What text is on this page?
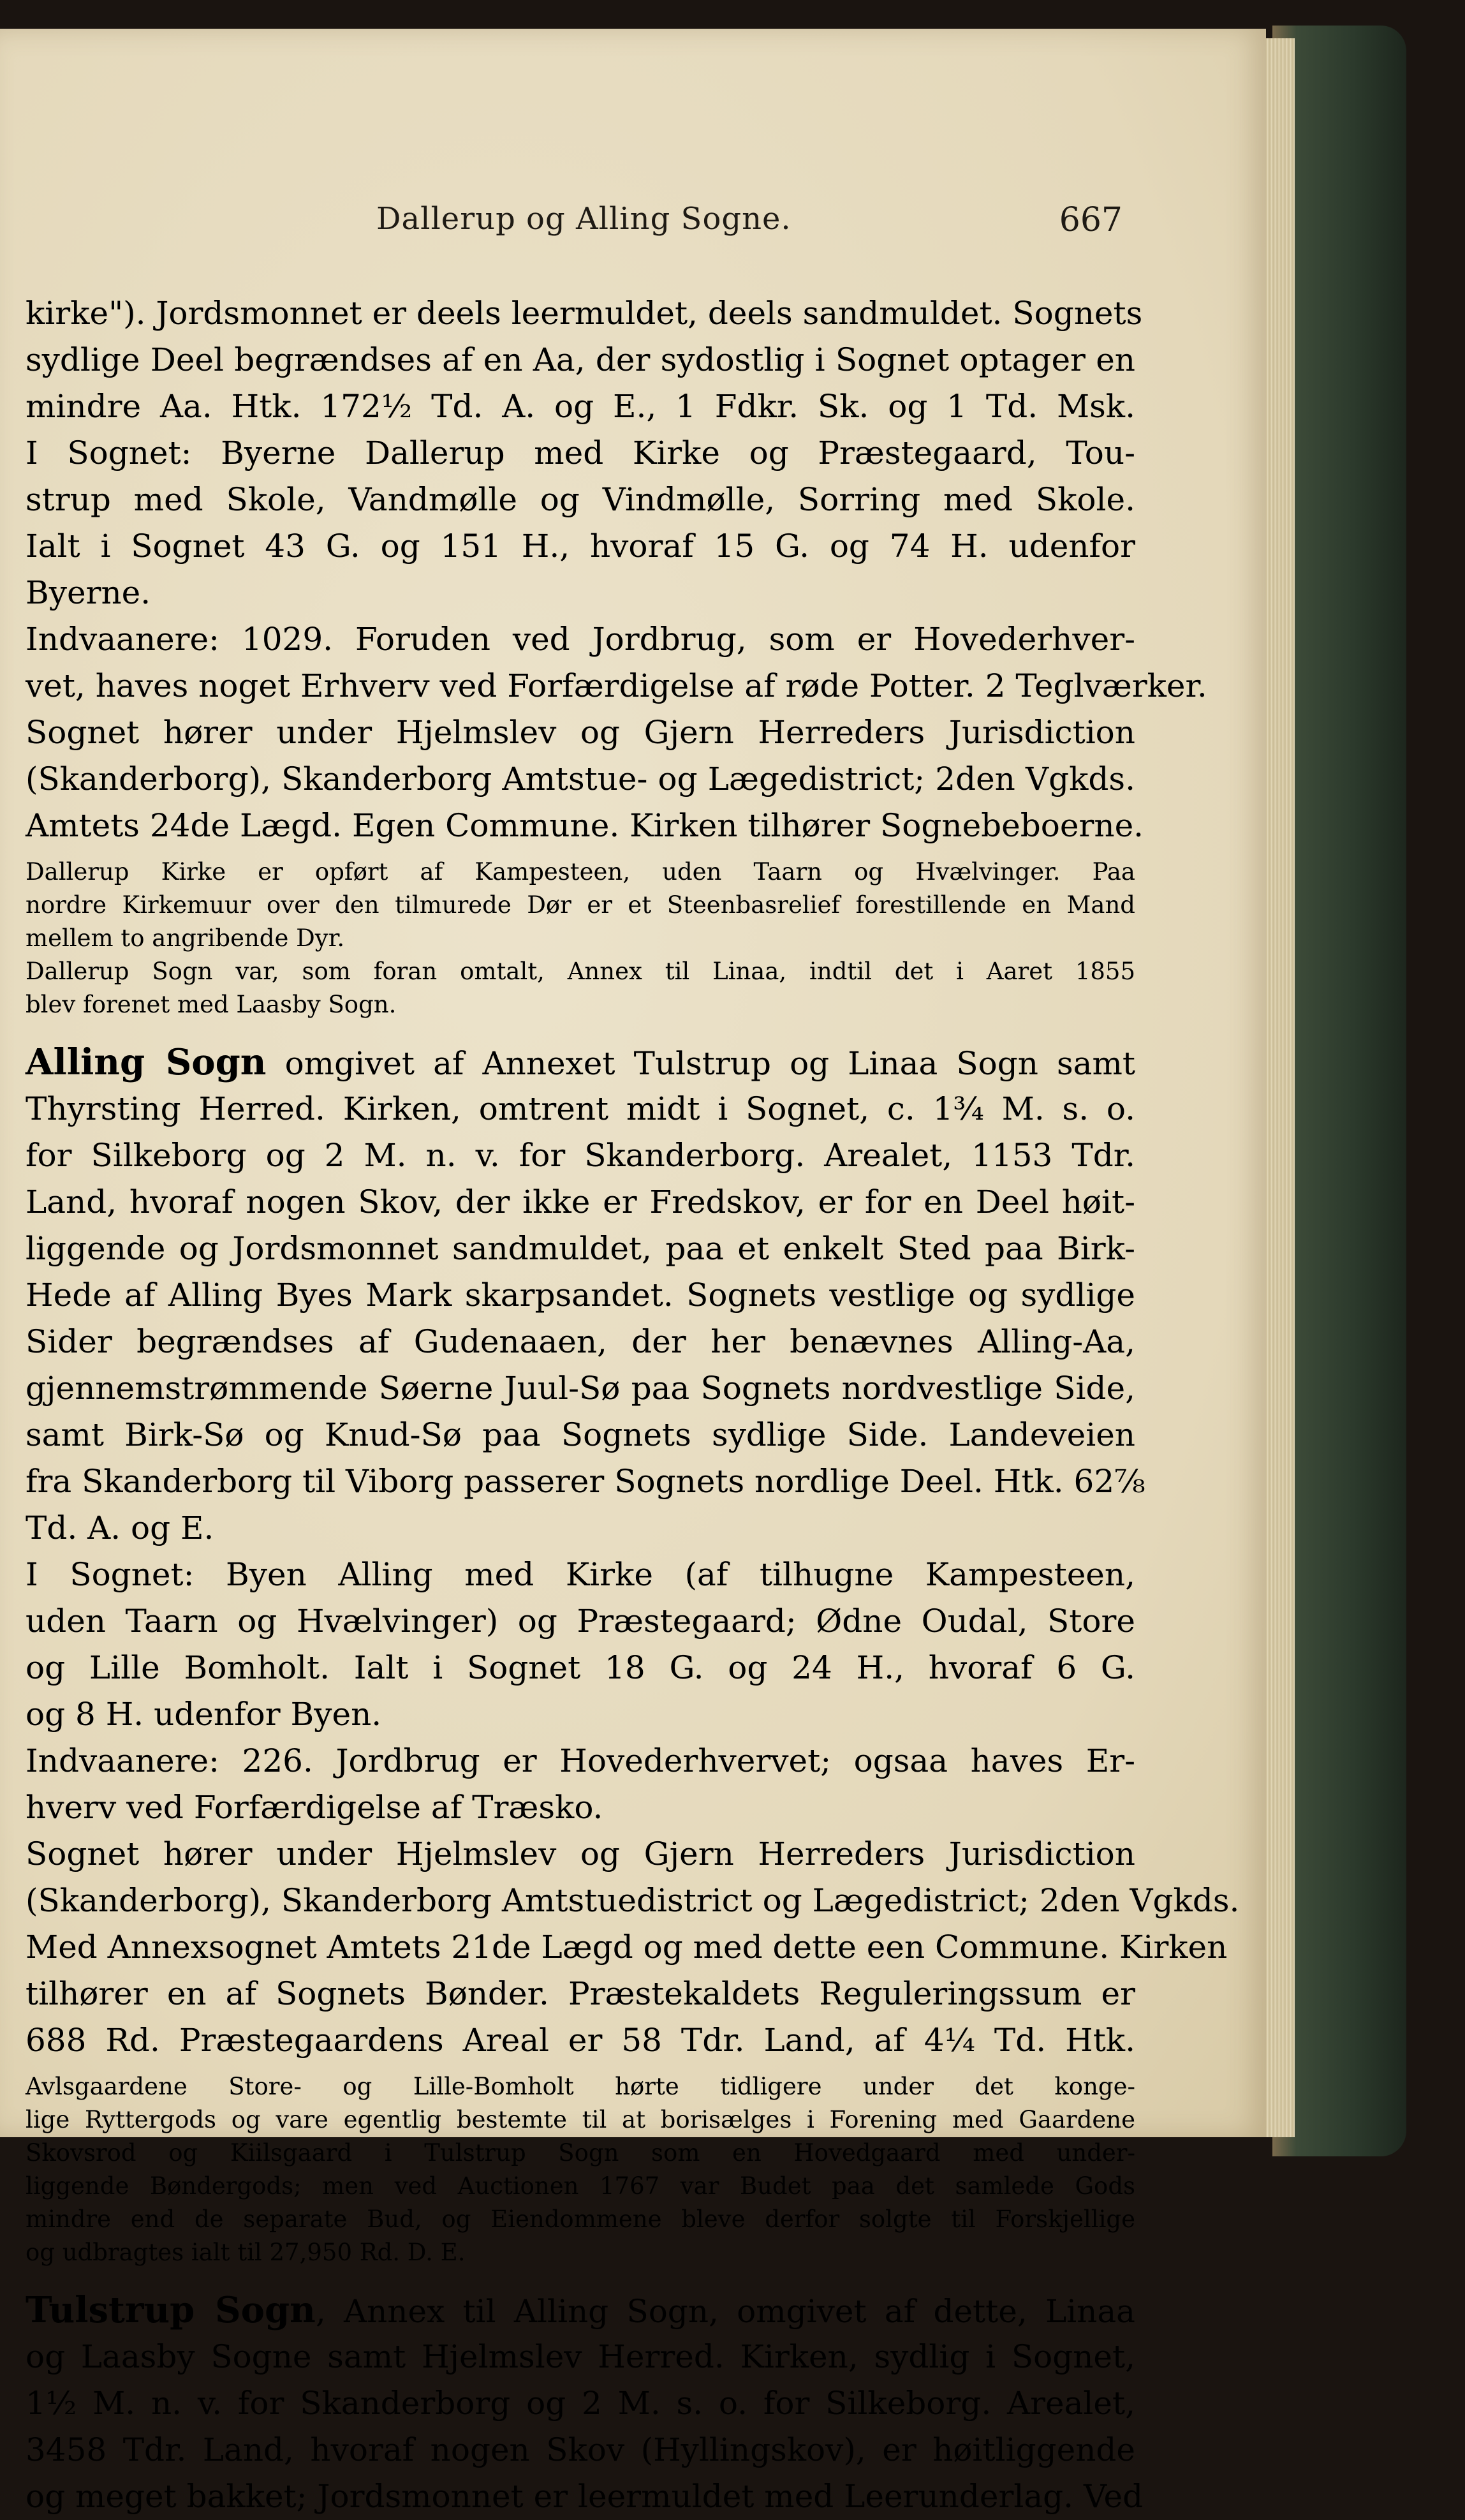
Dallerup og Alling Sogne.	667
kirke"). Jordsmonnet er deels leermuldet, deels sandmuldet. Sognets
sydlige Deel begrændses af en Aa, der sydostlig i Sognet optager en
mindre Aa. Htk. 172½ Td. A. og E., 1 Fdkr. Sk. og 1 Td. Msk.
I Sognet: Byerne Dallerup med Kirke og Præstegaard, Tou-
strup med Skole, Vandmølle og Vindmølle, Sorring med Skole.
Ialt i Sognet 43 G. og 151 H., hvoraf 15 G. og 74 H. udenfor
Byerne.
Indvaanere: 1029. Foruden ved Jordbrug, som er Hovederhver-
vet, haves noget Erhverv ved Forfærdigelse af røde Potter. 2 Teglværker.
Sognet hører under Hjelmslev og Gjern Herreders Jurisdiction
(Skanderborg), Skanderborg Amtstue- og Lægedistrict; 2den Vgkds.
Amtets 24de Lægd. Egen Commune. Kirken tilhører Sognebeboerne.
Dallerup Kirke er opført af Kampesteen, uden Taarn og Hvælvinger. Paa
nordre Kirkemuur over den tilmurede Dør er et Steenbasrelief forestillende en Mand
mellem to angribende Dyr.
Dallerup Sogn var, som foran omtalt, Annex til Linaa, indtil det i Aaret 1855
blev forenet med Laasby Sogn.
Alling Sogn omgivet af Annexet Tulstrup og Linaa Sogn samt
Thyrsting Herred. Kirken, omtrent midt i Sognet, c. 1¾ M. s. o.
for Silkeborg og 2 M. n. v. for Skanderborg. Arealet, 1153 Tdr.
Land, hvoraf nogen Skov, der ikke er Fredskov, er for en Deel høit-
liggende og Jordsmonnet sandmuldet, paa et enkelt Sted paa Birk-
Hede af Alling Byes Mark skarpsandet. Sognets vestlige og sydlige
Sider begrændses af Gudenaaen, der her benævnes Alling-Aa,
gjennemstrømmende Søerne Juul-Sø paa Sognets nordvestlige Side,
samt Birk-Sø og Knud-Sø paa Sognets sydlige Side. Landeveien
fra Skanderborg til Viborg passerer Sognets nordlige Deel. Htk. 62⅞
Td. A. og E.
I Sognet: Byen Alling med Kirke (af tilhugne Kampesteen,
uden Taarn og Hvælvinger) og Præstegaard; Ødne Oudal, Store
og Lille Bomholt. Ialt i Sognet 18 G. og 24 H., hvoraf 6 G.
og 8 H. udenfor Byen.
Indvaanere: 226. Jordbrug er Hovederhvervet; ogsaa haves Er-
hverv ved Forfærdigelse af Træsko.
Sognet hører under Hjelmslev og Gjern Herreders Jurisdiction
(Skanderborg), Skanderborg Amtstuedistrict og Lægedistrict; 2den Vgkds.
Med Annexsognet Amtets 21de Lægd og med dette een Commune. Kirken
tilhører en af Sognets Bønder. Præstekaldets Reguleringssum er
688 Rd. Præstegaardens Areal er 58 Tdr. Land, af 4¼ Td. Htk.
Avlsgaardene Store- og Lille-Bomholt hørte tidligere under det konge-
lige Ryttergods og vare egentlig bestemte til at borisælges i Forening med Gaardene
Skovsrod og Kiilsgaard i Tulstrup Sogn som en Hovedgaard med under-
liggende Bøndergods; men ved Auctionen 1767 var Budet paa det samlede Gods
mindre end de separate Bud, og Eiendommene bleve derfor solgte til Forskjellige
og udbragtes ialt til 27,950 Rd. D. E.
Tulstrup Sogn, Annex til Alling Sogn, omgivet af dette, Linaa
og Laasby Sogne samt Hjelmslev Herred. Kirken, sydlig i Sognet,
1½ M. n. v. for Skanderborg og 2 M. s. o. for Silkeborg. Arealet,
3458 Tdr. Land, hvoraf nogen Skov (Hyllingskov), er høitliggende
og meget bakket; Jordsmonnet er leermuldet med Leerunderlag. Ved
